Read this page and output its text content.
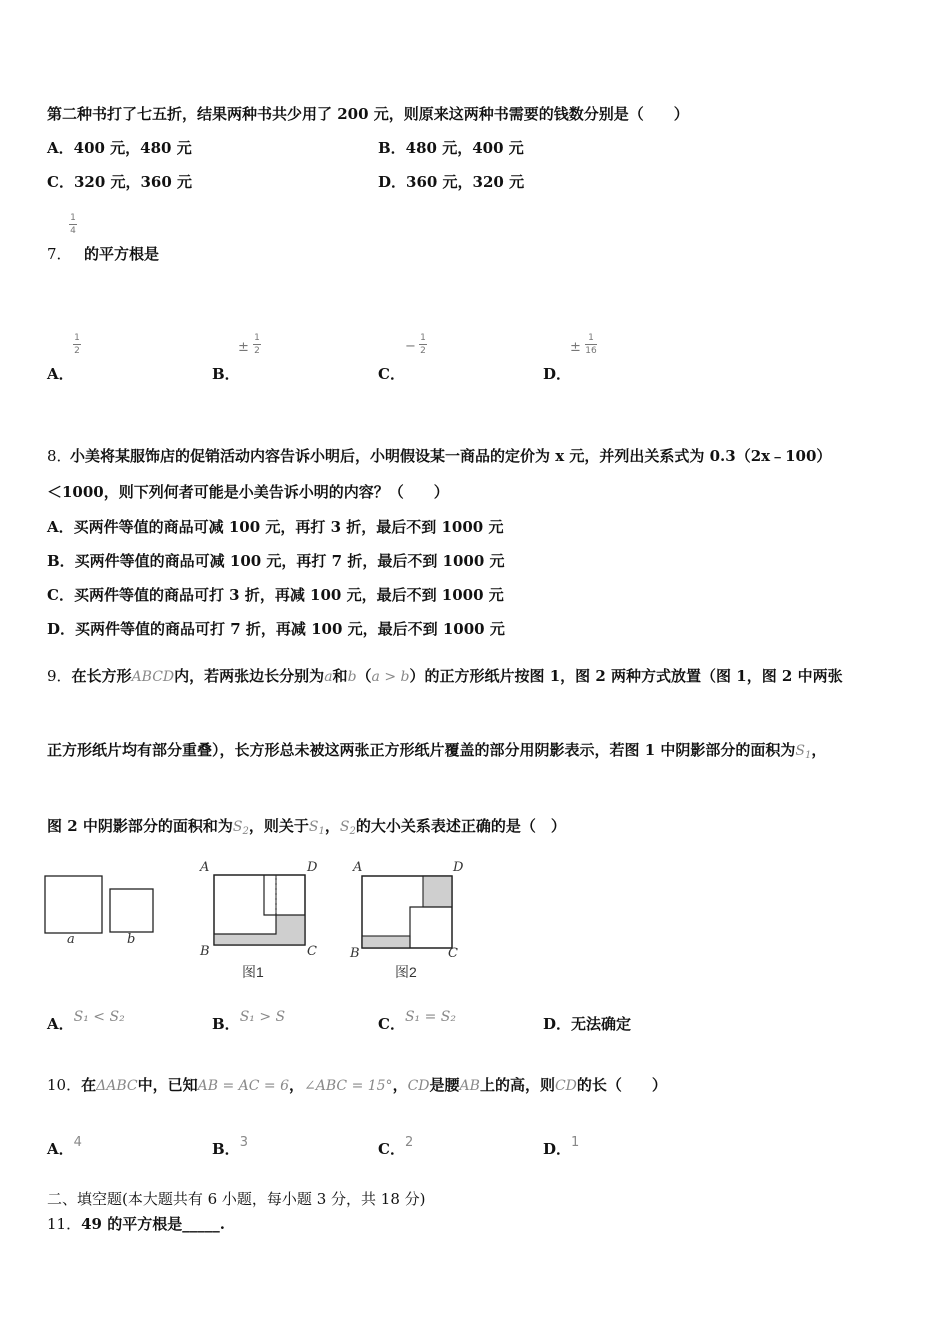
第二种书打了七五折，结果两种书共少用了 200 元，则原来这两种书需要的钱数分别是（　　）
A．400 元，480 元	B．480 元，400 元
C．320 元，360 元	D．360 元，320 元
1
4
7． 的平方根是
A．
1
2
B．
±
1
2
C．
−
1
2
D．
±
1
16
8．
小美将某服饰店的促销活动内容告诉小明后，小明假设某一商品的定价为 x 元，并列出关系式为 0.3（2x﹣100）
＜1000，则下列何者可能是小美告诉小明的内容？（　　）
A．买两件等值的商品可减 100 元，再打 3 折，最后不到 1000 元
B．买两件等值的商品可减 100 元，再打 7 折，最后不到 1000 元
C．买两件等值的商品可打 3 折，再减 100 元，最后不到 1000 元
D．买两件等值的商品可打 7 折，再减 100 元，最后不到 1000 元
9．在长方形ABCD内，若两张边长分别为a和b（a > b）的正方形纸片按图 1，图 2 两种方式放置（图 1，图 2 中两张
正方形纸片均有部分重叠），长方形总未被这两张正方形纸片覆盖的部分用阴影表示，若图 1 中阴影部分的面积为$S_1$，
图 2 中阴影部分的面积和为$S_2$，则关于$S_1$，$S_2$的大小关系表述正确的是（　）
a	b
A	D
B	C
图1
A	D
B	C
图2
A．S₁ < S₂	B．S₁ > S	C．S₁ = S₂	D．无法确定
10．在ΔABC中，已知AB = AC = 6，∠ABC = 15°，CD是腰AB上的高，则CD的长（　　）
A．4	B．3	C．2	D．1
二、填空题(本大题共有 6 小题，每小题 3 分，共 18 分)
11．49 的平方根是_____.
